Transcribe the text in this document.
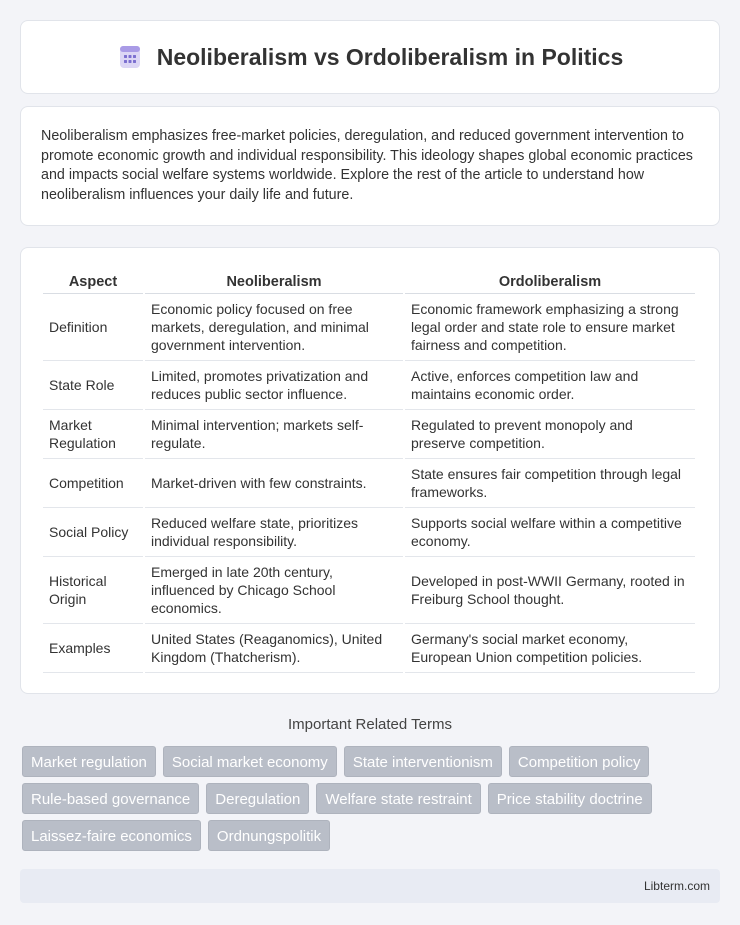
Neoliberalism vs Ordoliberalism in Politics

Neoliberalism emphasizes free-market policies, deregulation, and reduced government intervention to promote economic growth and individual responsibility. This ideology shapes global economic practices and impacts social welfare systems worldwide. Explore the rest of the article to understand how neoliberalism influences your daily life and future.

Aspect	Neoliberalism	Ordoliberalism
Definition	Economic policy focused on free markets, deregulation, and minimal government intervention.	Economic framework emphasizing a strong legal order and state role to ensure market fairness and competition.
State Role	Limited, promotes privatization and reduces public sector influence.	Active, enforces competition law and maintains economic order.
Market Regulation	Minimal intervention; markets self-regulate.	Regulated to prevent monopoly and preserve competition.
Competition	Market-driven with few constraints.	State ensures fair competition through legal frameworks.
Social Policy	Reduced welfare state, prioritizes individual responsibility.	Supports social welfare within a competitive economy.
Historical Origin	Emerged in late 20th century, influenced by Chicago School economics.	Developed in post-WWII Germany, rooted in Freiburg School thought.
Examples	United States (Reaganomics), United Kingdom (Thatcherism).	Germany's social market economy, European Union competition policies.
Important Related Terms
Market regulation	Social market economy	State interventionism	Competition policy
Rule-based governance	Deregulation	Welfare state restraint	Price stability doctrine
Laissez-faire economics	Ordnungspolitik
Libterm.com
